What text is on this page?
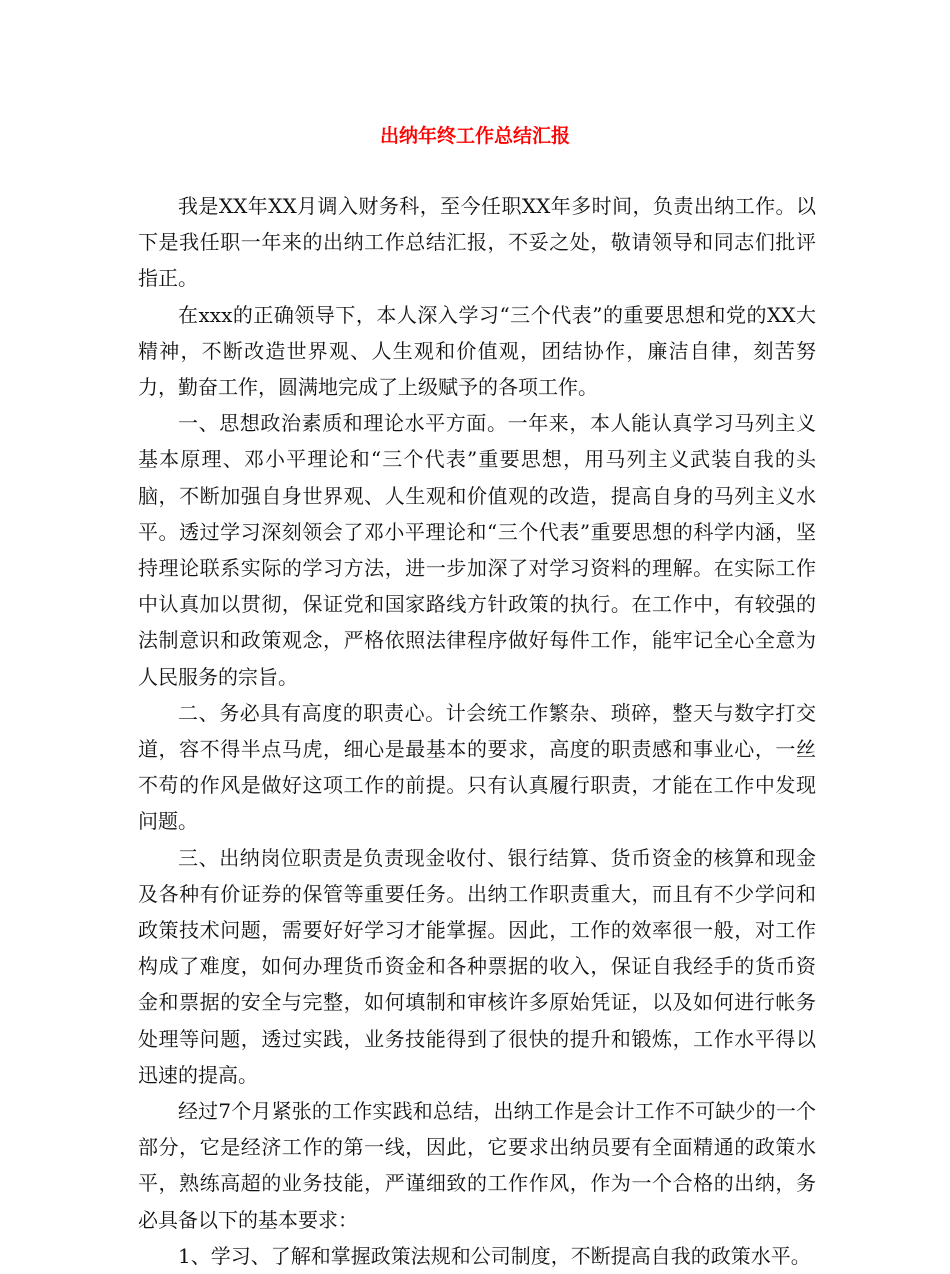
出纳年终工作总结汇报

我是XX年XX月调入财务科，至今任职XX年多时间，负责出纳工作。以下是我任职一年来的出纳工作总结汇报，不妥之处，敬请领导和同志们批评指正。

在xxx的正确领导下，本人深入学习“三个代表”的重要思想和党的XX大精神，不断改造世界观、人生观和价值观，团结协作，廉洁自律，刻苦努力，勤奋工作，圆满地完成了上级赋予的各项工作。

一、思想政治素质和理论水平方面。一年来，本人能认真学习马列主义基本原理、邓小平理论和“三个代表”重要思想，用马列主义武装自我的头脑，不断加强自身世界观、人生观和价值观的改造，提高自身的马列主义水平。透过学习深刻领会了邓小平理论和“三个代表”重要思想的科学内涵，坚持理论联系实际的学习方法，进一步加深了对学习资料的理解。在实际工作中认真加以贯彻，保证党和国家路线方针政策的执行。在工作中，有较强的法制意识和政策观念，严格依照法律程序做好每件工作，能牢记全心全意为人民服务的宗旨。

二、务必具有高度的职责心。计会统工作繁杂、琐碎，整天与数字打交道，容不得半点马虎，细心是最基本的要求，高度的职责感和事业心，一丝不苟的作风是做好这项工作的前提。只有认真履行职责，才能在工作中发现问题。

三、出纳岗位职责是负责现金收付、银行结算、货币资金的核算和现金及各种有价证券的保管等重要任务。出纳工作职责重大，而且有不少学问和政策技术问题，需要好好学习才能掌握。因此，工作的效率很一般，对工作构成了难度，如何办理货币资金和各种票据的收入，保证自我经手的货币资金和票据的安全与完整，如何填制和审核许多原始凭证，以及如何进行帐务处理等问题，透过实践，业务技能得到了很快的提升和锻炼，工作水平得以迅速的提高。

经过7个月紧张的工作实践和总结，出纳工作是会计工作不可缺少的一个部分，它是经济工作的第一线，因此，它要求出纳员要有全面精通的政策水平，熟练高超的业务技能，严谨细致的工作作风，作为一个合格的出纳，务必具备以下的基本要求：

1、学习、了解和掌握政策法规和公司制度，不断提高自我的政策水平。
